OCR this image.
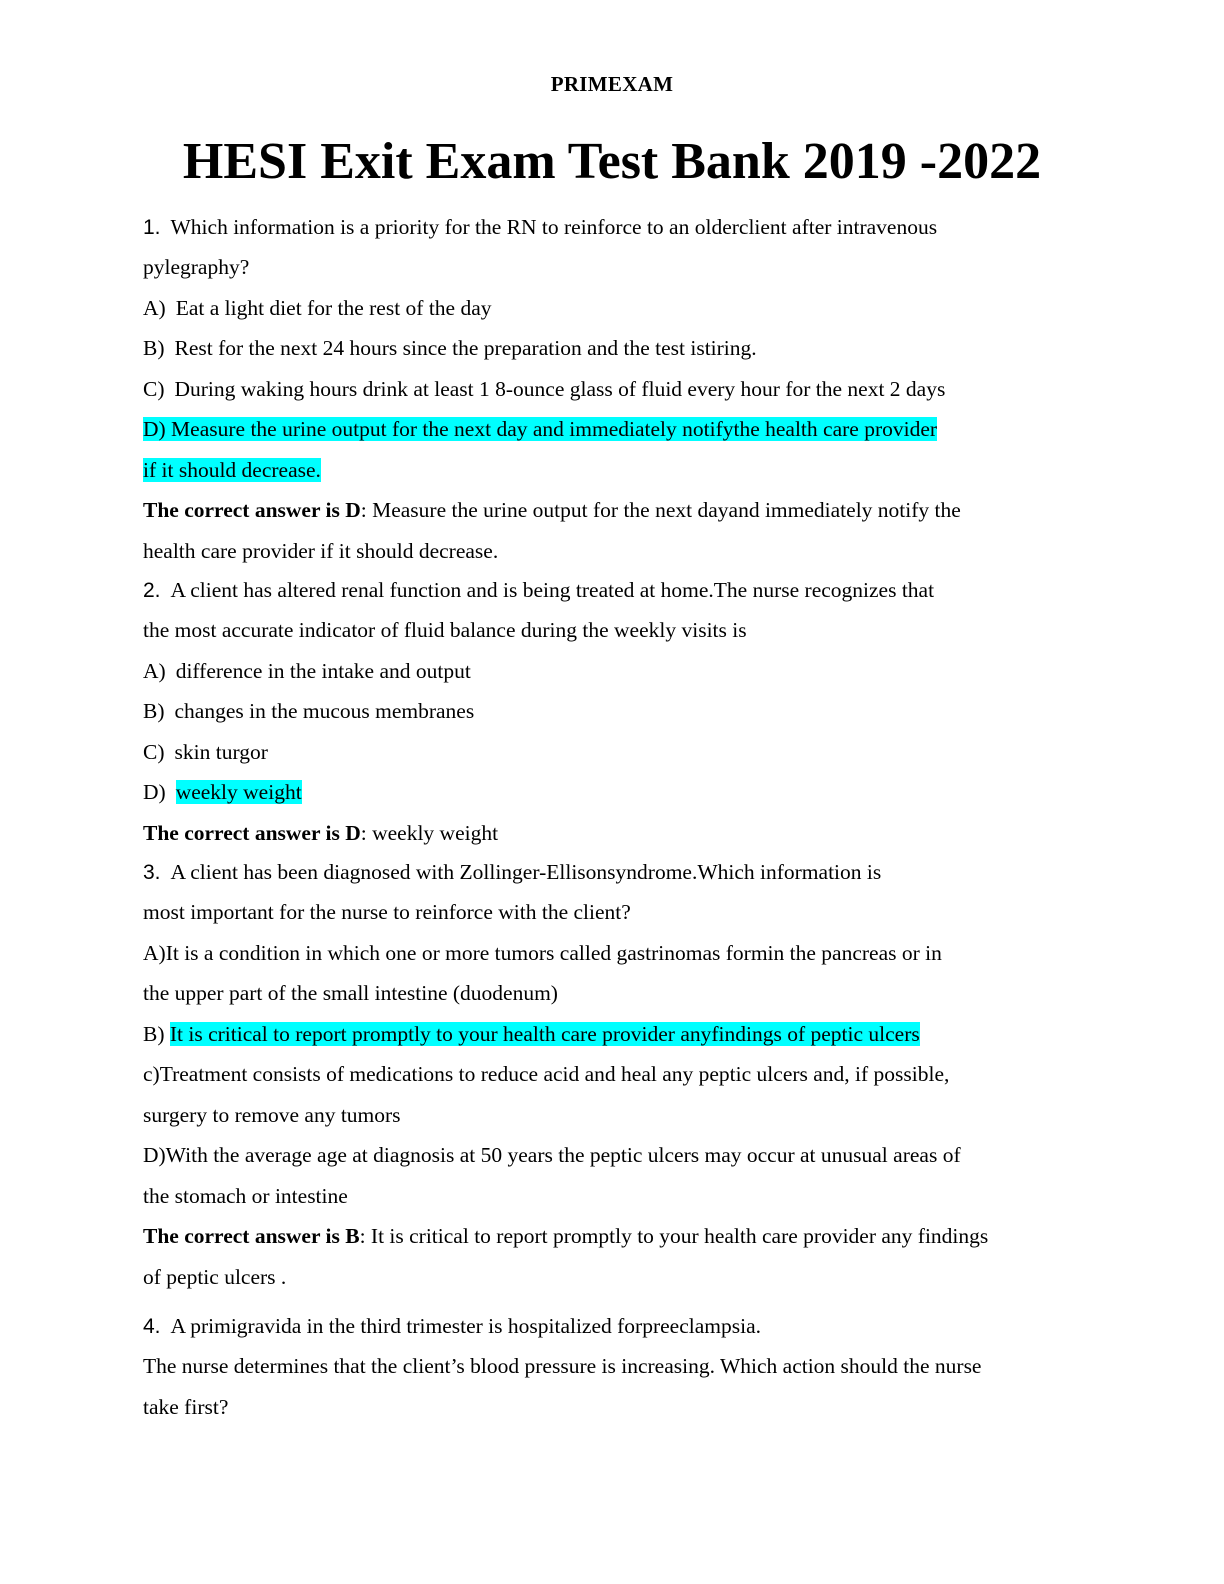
PRIMEXAM
HESI Exit Exam Test Bank 2019 -2022

1. Which information is a priority for the RN to reinforce to an olderclient after intravenous

pylegraphy?

A) Eat a light diet for the rest of the day

B) Rest for the next 24 hours since the preparation and the test istiring.

C) During waking hours drink at least 1 8-ounce glass of fluid every hour for the next 2 days

D) Measure the urine output for the next day and immediately notifythe health care provider

if it should decrease.

The correct answer is D: Measure the urine output for the next dayand immediately notify the

health care provider if it should decrease.

2. A client has altered renal function and is being treated at home.The nurse recognizes that

the most accurate indicator of fluid balance during the weekly visits is

A) difference in the intake and output

B) changes in the mucous membranes

C) skin turgor

D) weekly weight

The correct answer is D: weekly weight

3. A client has been diagnosed with Zollinger-Ellisonsyndrome.Which information is

most important for the nurse to reinforce with the client?

A)It is a condition in which one or more tumors called gastrinomas formin the pancreas or in

the upper part of the small intestine (duodenum)

B) It is critical to report promptly to your health care provider anyfindings of peptic ulcers

c)Treatment consists of medications to reduce acid and heal any peptic ulcers and, if possible,

surgery to remove any tumors

D)With the average age at diagnosis at 50 years the peptic ulcers may occur at unusual areas of

the stomach or intestine

The correct answer is B: It is critical to report promptly to your health care provider any findings

of peptic ulcers .

4. A primigravida in the third trimester is hospitalized forpreeclampsia.

The nurse determines that the client’s blood pressure is increasing. Which action should the nurse

take first?
